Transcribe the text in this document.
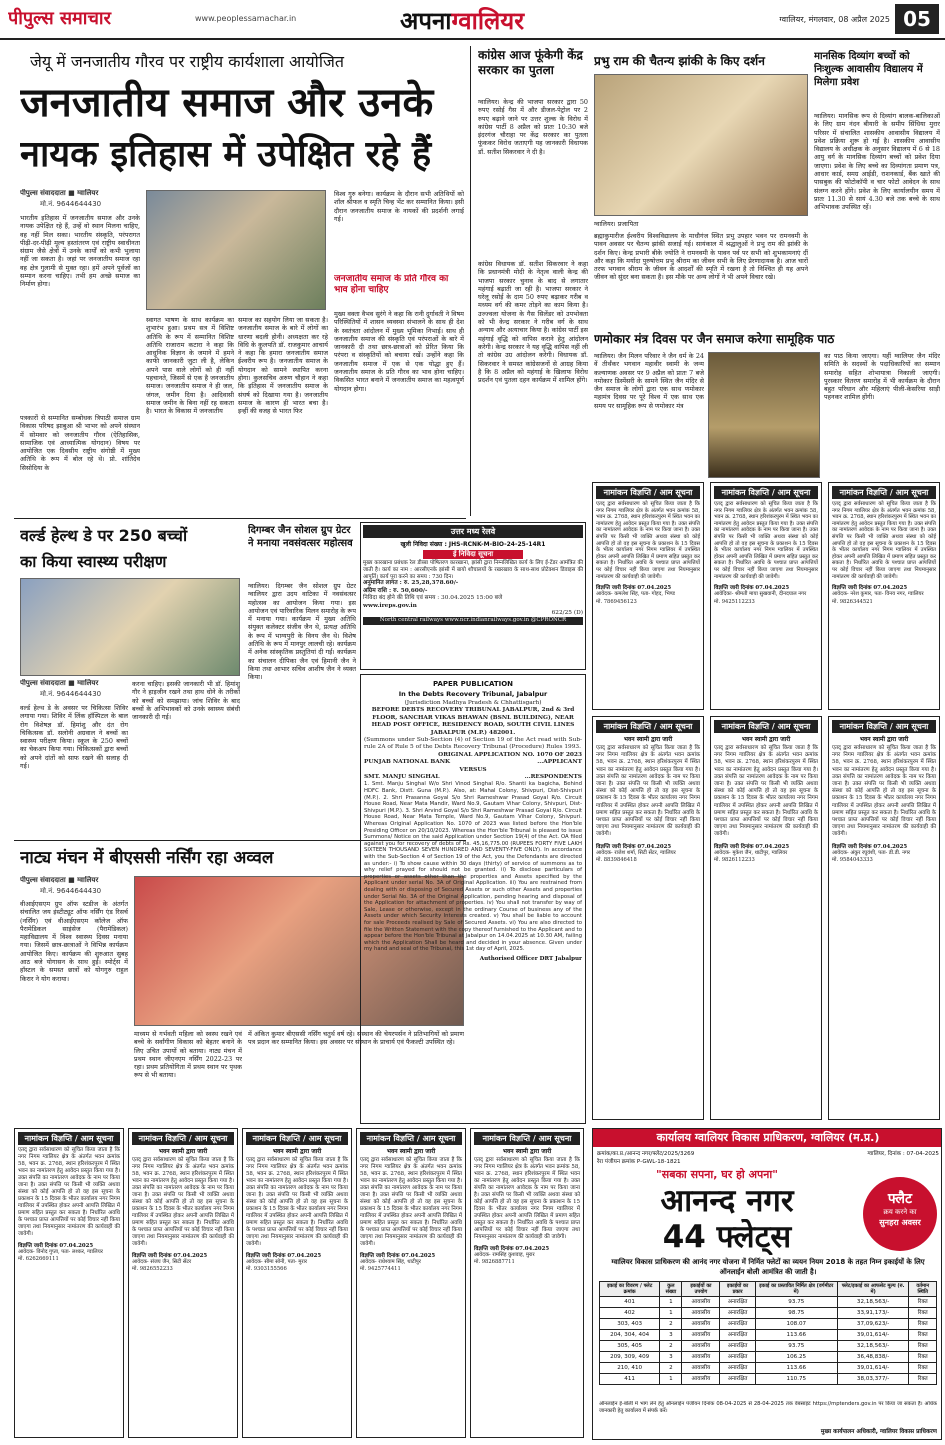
पीपुल्स समाचार	www.peoplessamachar.in	अपनाग्वालियर	ग्वालियर, मंगलवार, 08 अप्रैल 2025 05
जेयू में जनजातीय गौरव पर राष्ट्रीय कार्यशाला आयोजित
जनजातीय समाज और उनके
नायक इतिहास में उपेक्षित रहे हैं
पीपुल्स संवाददाता ■ ग्वालियर
मो.नं. 9644644430
भारतीय इतिहास में जनजातीय समाज और उनके नायक उपेक्षित रहे हैं, उन्हें वो स्थान मिलना चाहिए, वह नहीं मिल सका। भारतीय संस्कृति, परंपरागत पीढ़ी-दर-पीढ़ी मूल्य हस्तांतरण एवं राष्ट्रीय स्वाधीनता संग्राम जैसे क्षेत्रों में उनके कार्यों को कभी भुलाया नहीं जा सकता है। जहां पर जनजातीय समाज रहा वह क्षेत्र गुलामी से मुक्त रहा। हमें अपने पूर्वजों का सम्मान करना चाहिए। तभी हम अच्छे समाज का निर्माण होगा।
पत्रकारों से सम्मानित सम्बोधक त्रिपाठी समाज ग्राम विकास परिषद झाबुआ श्री भाभर को अपने संस्थान में सोमवार को जनजातीय गौरव (ऐतिहासिक, सामाजिक एवं आध्यात्मिक योगदान) विषय पर आयोजित एक दिवसीय राष्ट्रीय संगोष्ठी में मुख्य अतिथि के रूप में बोल रहे थे। प्रो. शांतिदेव सिसोदिया के
स्वागत भाषण के साथ कार्यक्रम का शुभारंभ हुआ। प्रथम सत्र में विशिष्ट अतिथि के रूप में सम्मानित विशिष्ट अतिथि राजाराम कटारा ने कहा कि आधुनिक विज्ञान के जमाने में हमने काफी जानकारी जुटा ली है, लेकिन अपने पास वाले लोगों को ही नहीं पहचानते, जिसमें से एक है जनजातीय समाज। जनजातीय समाज ने ही जल, जंगल, जमीन दिया है। आदिवासी समाज जमीन के बिना नहीं रह सकता है। भारत के विकास में जनजातीय
समाज का सहयोग लिया जा सकता है। जनजातीय समाज के बारे में लोगों का धारणा बदली होनी। अध्यक्षता कर रहे विधि के कुलपति डॉ. राजकुमार आचार्य ने कहा कि हमारा जनजातीय समाज ईश्वरीय रूप है। जनजातीय समाज के योगदान को सामने स्थापित करना होगा। कुलसचिव अरुण चौहान ने कहा कि इतिहास में जनजातीय समाज के संघर्ष को दिखाया गया है। जनजातीय समाज के कारण ही भारत बचा है। इन्हीं की वजह से भारत फिर
विश्व गुरु बनेगा। कार्यक्रम के दौरान सभी अतिथियों को शॉल श्रीफल व स्मृति चिन्ह भेंट कर सम्मानित किया। इसी दौरान जनजातीय समाज के नायकों की प्रदर्शनी लगाई गई।
जनजातीय समाज के प्रति गौरव का भाव होना चाहिए
मुख्य वक्ता वैभव सुरंगे ने कहा कि रानी दुर्गावती ने विषम परिस्थितियों में शासन व्यवस्था संभालने के साथ ही देश के स्वतंत्रता आंदोलन में मुख्य भूमिका निभाई। साथ ही जनजातीय समाज की संस्कृति एवं परंपराओं के बारे में जानकारी दी तथा छात्र-छात्राओं को प्रेरित किया कि परंपरा व संस्कृतियों को बचाया रखें। उन्होंने कहा कि जनजातीय समाज में एक से एक योद्धा हुए हैं। जनजातीय समाज के प्रति गौरव का भाव होना चाहिए। विकसित भारत बनाने में जनजातीय समाज का महत्वपूर्ण योगदान होगा।
कांग्रेस आज फूंकेगी केंद्र सरकार का पुतला
ग्वालियर। केन्द्र की भाजपा सरकार द्वारा 50 रुपए रसोई गैस में और डीजल-पेट्रोल पर 2 रुपए बढ़ाने जाने पर उत्तर शुल्क के विरोध में कांग्रेस पार्टी 8 अप्रैल को प्रातः 10:30 बजे इंदरगंज चौराहा पर केंद्र सरकार का पुतला फूंककर विरोध जताएगी यह जानकारी विधायक डॉ. सतीश सिकरवार ने दी है।
कांग्रेस विधायक डॉ. सतीश सिकरवार ने कहा कि प्रधानमंत्री मोदी के नेतृत्व वाली केन्द्र की भाजपा सरकार चुनाव के बाद से लगातार महंगाई बढ़ाती जा रही है। भाजपा सरकार ने घरेलू रसोई के दाम 50 रुपए बढ़ाकर गरीब व मध्यम वर्ग की कमर तोड़ने का काम किया है। उज्ज्वला योजना के गैस सिलेंडर को उपभोक्ता को भी केन्द्र सरकार ने गरीब वर्ग के साथ अन्याय और अत्याचार किया है। कांग्रेस पार्टी इस महंगाई वृद्धि को वापिस कराने हेतु आंदोलन करेगी। केन्द्र सरकार ने यह वृद्धि वापिस नहीं ली तो कांग्रेस उग्र आंदोलन करेगी। विधायक डॉ. सिकरवार ने समस्त कांग्रेसजनों से आग्रह किया है कि 8 अप्रैल को महंगाई के खिलाफ विरोध प्रदर्शन एवं पुतला दहन कार्यक्रम में शामिल होंगे।
प्रभु राम की चैतन्य झांकी के किए दर्शन
ग्वालियर। प्रजापिता
ब्रह्माकुमारीज ईश्वरीय विश्वविद्यालय के माधौगंज स्थित प्रभु उपहार भवन पर रामनवमी के पावन अवसर पर चैतन्य झांकी सजाई गई। सायंकाल में श्रद्धालुओं ने प्रभु राम की झांकी के दर्शन किए। केन्द्र प्रभारी बीके ज्योति ने रामनवमी के पावन पर्व पर सभी को शुभकामनाएं दीं और कहा कि मर्यादा पुरुषोत्तम प्रभु श्रीराम का जीवन सभी के लिए प्रेरणादायक है। आज चारों तरफ भगवान श्रीराम के जीवन के आदर्शों की स्मृति में रखना है तो निश्चित ही यह अपने जीवन को सुंदर बना सकता है। इस मौके पर अन्य लोगों ने भी अपने विचार रखे।
मानसिक दिव्यांग बच्चों को निःशुल्क आवासीय विद्यालय में मिलेगा प्रवेश
ग्वालियर। मानसिक रूप से दिव्यांग बालक-बालिकाओं के लिए ग्राम नंदन बीयारी के समीप सिंधिया मुरार परिसर में संचालित शासकीय आवासीय विद्यालय में प्रवेश प्रक्रिया शुरू हो गई है। शासकीय आवासीय विद्यालय के अधीक्षक के अनुसार विद्यालय में 6 से 18 आयु वर्ग के मानसिक दिव्यांग बच्चों को प्रवेश दिया जाएगा। प्रवेश के लिए बच्चे का दिव्यांगता प्रमाण पत्र, आधार कार्ड, समग्र आईडी, राशनकार्ड, बैंक खाते की पासबुक की फोटोकॉपी व चार फोटो आवेदन के साथ संलग्न करने होंगे। प्रवेश के लिए कार्यालयीन समय में प्रातः 11.30 से सायं 4.30 बजे तक बच्चे के साथ अभिभावक उपस्थित रहें।
णमोकार मंत्र दिवस पर जैन समाज करेगा सामूहिक पाठ
ग्वालियर। जैन मिलन परिवार ने जैन धर्म के 24 वें तीर्थंकर भगवान महावीर स्वामी के जन्म कल्याणक अवसर पर 9 अप्रैल को प्रातः 7 बजे नमोकार डिस्पेंसरी के सामने स्थित जैन मंदिर से जैन समाज के लोगों द्वारा एक साथ णमोकार महामंत्र दिवस पर पूरे विश्व में एक साथ एक समय पर सामूहिक रूप से णमोकार मंत्र
का पाठ किया जाएगा। यहीं ग्वालियर जैन मंदिर समिति के सदस्यों के पदाधिकारियों का सम्मान समारोह सहित शोभायात्रा निकाली जाएगी। पुरस्कार वितरण समारोह में भी कार्यक्रम के दौरान बहुत परिधान और महिलाएं पीली-केसरिया साड़ी पहनकर शामिल होंगी।
वर्ल्ड हेल्थ डे पर 250 बच्चों
का किया स्वास्थ्य परीक्षण
पीपुल्स संवाददाता ■ ग्वालियर
मो.नं. 9644644430
वर्ल्ड हेल्थ डे के अवसर पर चिकित्सा शिविर लगाया गया। शिविर में लिंक हॉस्पिटल के बाल रोग विशेषज्ञ डॉ. हिमांशु और दंत रोग चिकित्सक डॉ. सलोनी अग्रवाल ने बच्चों का स्वास्थ्य परीक्षण किया। स्कूल के 250 बच्चों का चेकअप किया गया। चिकित्सकों द्वारा बच्चों को अपने दांतों को साफ रखने की सलाह दी गई।
करना चाहिए। इसकी जानकारी भी डॉ. हिमांशु गौर ने हाइजीन रखने तथा हाथ धोने के तरीकों को बच्चों को समझाया। जांच शिविर के बाद बच्चों के अभिभावकों को उनके स्वास्थ्य संबंधी जानकारी दी गई।
दिगम्बर जैन सोशल ग्रुप ग्रेटर ने मनाया नवसंवत्सर महोत्सव
ग्वालियर। दिगम्बर जैन सोशल ग्रुप ग्रेटर ग्वालियर द्वारा उदय वाटिका में नवसंवत्सर महोत्सव का आयोजन किया गया। इस आयोजन एवं पारिवारिक मिलन समारोह के रूप में मनाया गया। कार्यक्रम में मुख्य अतिथि संयुक्त कलेक्टर संजीव जैन थे, प्रत्यक्ष अतिथि के रूप में भाग्यपुरी के विनय जैन थे। विशेष अतिथि के रूप में मानपुर लालची रहे। कार्यक्रम में अनेक सांस्कृतिक प्रस्तुतियां दी गईं। कार्यक्रम का संचालन दीपिका जैन एवं हिमानी जैन ने किया तथा आभार सचिव आशीष जैन ने व्यक्त किया।
नाट्य मंचन में बीएससी नर्सिंग रहा अव्वल
पीपुल्स संवाददाता ■ ग्वालियर
मो.नं. 9644644430
वीआईएसएम ग्रुप ऑफ स्टडीज के अंतर्गत संचालित जय इंस्टीट्यूट ऑफ नर्सिंग एंड रिसर्च (नर्सिंग) एवं वीआईएसएम कॉलेज ऑफ पैरामेडिकल साइंसेज (पैरामेडिकल) महाविद्यालय में विश्व स्वास्थ्य दिवस मनाया गया। जिसमें छात्र-छात्राओं ने विभिन्न कार्यक्रम आयोजित किए। कार्यक्रम की शुरुआत सुबह आठ बजे योगासन के साथ हुई। स्पोर्ट्स में हॉस्टल के समस्त छात्रों को योगगुरु राहुल किरार ने योग कराया।
माध्यम से गर्भवती महिला को स्वस्थ रखने एवं बच्चे के सर्वांगीण विकास को बेहतर बनाने के लिए उचित उपायों को बताया। नाट्य मंचन में प्रथम स्थान जीएनएम नर्सिंग 2022-23 पर रहा। प्रथम प्रतियोगिता में प्रथम स्थान पर पृथक रूप से भी बताया।
में अंकित कुमार बीएससी नर्सिंग चतुर्थ वर्ष रहे। संस्थान की चेयरपर्सन ने प्रतिभागियों को प्रमाण पत्र प्रदान कर सम्मानित किया। इस अवसर पर संस्थान के प्राचार्य एवं फैकल्टी उपस्थित रहे।
उत्तर मध्य रेलवे
खुली निविदा संख्या : JHS-RCNK-M-BIO-24-25-14R1
ई निविदा सूचना
मुख्य कारखाना प्रबंधक रेल डीब्बा पोषितरण कारखाना, झांसी द्वारा निम्नलिखित कार्य के लिए ई-टेंडर आमंत्रित की जाती है। कार्य का नाम : आरसीएनके झांसी में बायो शौचालयों के रखरखाव के साथ-साथ प्रोटेक्शन डिवाइस की आपूर्ति। कार्य पूरा करने का समय : 730 दिन।
अनुमानित लागत : रु. 25,28,378.60/-
अग्रिम राशि : रु. 50,600/-
निविदा बंद होने की तिथि एवं समय : 30.04.2025 15:00 बजे
www.ireps.gov.in
622/25 (D)
North central railways www.ncr.indianrailways.gov.in @CPRONCR
PAPER PUBLICATION
In the Debts Recovery Tribunal, Jabalpur
(Jurisdiction Madhya Pradesh & Chhattisgarh)
BEFORE DEBTS RECOVERY TRIBUNAL JABALPUR, 2nd & 3rd FLOOR, SANCHAR VIKAS BHAWAN (BSNL BUILDING), NEAR HEAD POST OFFICE, RESIDENCY ROAD, SOUTH CIVIL LINES JABALPUR (M.P.) 482001.
(Summons under Sub-Section (4) of Section 19 of the Act read with Sub-rule 2A of Rule 5 of the Debts Recovery Tribunal (Procedure) Rules 1993.
ORIGINAL APPLICATION NO. 1070 OF 2023
PUNJAB NATIONAL BANK	...APPLICANT
VERSUS
SMT. MANJU SINGHAL	...RESPONDENTS
1. Smt. Manju Singhal W/o Shri Vinod Singhal R/o. Shanti ka bagicha, Behind HDFC Bank, Distt. Guna (M.P.). Also, at: Mahal Colony, Shivpuri, Dist-Shivpuri (M.P.). 2. Shri Prasanna Goyal S/o Shri Rameshwar Prasad Goyal R/o. Circuit House Road, Near Mata Mandir, Ward No.9, Gautam Vihar Colony, Shivpuri, Dist-Shivpuri (M.P.). 3. Shri Arvind Goyal S/o Shri Rameshwar Prasad Goyal R/o. Circuit House Road, Near Mata Temple, Ward No.9, Gautam Vihar Colony, Shivpuri. Whereas Original Application No. 1070 of 2023 was listed before the Hon'ble Presiding Officer on 20/10/2023. Whereas the Hon'ble Tribunal is pleased to issue Summons/ Notice on the said Application under Section 19(4) of the Act. OA filed against you for recovery of debts of Rs. 45,16,775.00 (RUPEES FORTY FIVE LAKH SIXTEEN THOUSAND SEVEN HUNDRED AND SEVENTY-FIVE ONLY). In accordance with the Sub-Section 4 of Section 19 of the Act, you the Defendants are directed as under:- i) To show cause within 30 days (thirty) of service of summons as to why relief prayed for should not be granted. ii) To disclose particulars of properties or assets other than the properties and Assets specified by the Applicant under serial No. 3A of Original Application. iii) You are restrained from dealing with or disposing of Secured Assets or such other Assets and properties under Serial No. 3A of the Original Application, pending hearing and disposal of the Application for attachment of properties. iv) You shall not transfer by way of Sale, Lease or otherwise, except in the ordinary Course of business any of the Assets under which Security Interests created. v) You shall be liable to account for sale Proceeds realised by Sale of Secured Assets. vi) You are also directed to file the Written Statement with the copy thereof furnished to the Applicant and to appear before the Hon'ble Tribunal at Jabalpur on 14.04.2025 at 10.30 AM, failing which the Application Shall be heard and decided in your absence. Given under my hand and seal of the Tribunal, this 1st day of April, 2025.
Authorised Officer DRT Jabalpur
नामांकन विज्ञप्ति / आम सूचना
एतद् द्वारा सर्वसाधारण को सूचित किया जाता है कि नगर निगम ग्वालियर क्षेत्र के अंतर्गत भवन क्रमांक 58, भवन क्र. 2768, स्थान हरिशंकरपुरम में स्थित भवन का नामांतरण हेतु आवेदन प्रस्तुत किया गया है। उक्त संपत्ति का नामांतरण आवेदक के नाम पर किया जाना है। उक्त संपत्ति पर किसी भी व्यक्ति अथवा संस्था को कोई आपत्ति हो तो वह इस सूचना के प्रकाशन के 15 दिवस के भीतर कार्यालय नगर निगम ग्वालियर में उपस्थित होकर अपनी आपत्ति लिखित में प्रमाण सहित प्रस्तुत कर सकता है। निर्धारित अवधि के पश्चात प्राप्त आपत्तियों पर कोई विचार नहीं किया जाएगा तथा नियमानुसार नामांतरण की कार्यवाही की जावेगी।
विज्ञप्ति जारी दिनांक 07.04.2025
आवेदक- कमलेश सिंह, पता- गोहद, भिण्ड
मो. 7869456123
नामांकन विज्ञप्ति / आम सूचना
एतद् द्वारा सर्वसाधारण को सूचित किया जाता है कि नगर निगम ग्वालियर क्षेत्र के अंतर्गत भवन क्रमांक 58, भवन क्र. 2768, स्थान हरिशंकरपुरम में स्थित भवन का नामांतरण हेतु आवेदन प्रस्तुत किया गया है। उक्त संपत्ति का नामांतरण आवेदक के नाम पर किया जाना है। उक्त संपत्ति पर किसी भी व्यक्ति अथवा संस्था को कोई आपत्ति हो तो वह इस सूचना के प्रकाशन के 15 दिवस के भीतर कार्यालय नगर निगम ग्वालियर में उपस्थित होकर अपनी आपत्ति लिखित में प्रमाण सहित प्रस्तुत कर सकता है। निर्धारित अवधि के पश्चात प्राप्त आपत्तियों पर कोई विचार नहीं किया जाएगा तथा नियमानुसार नामांतरण की कार्यवाही की जावेगी।
विज्ञप्ति जारी दिनांक 07.04.2025
आवेदिका- श्रीमती माया सुखवानी, दीनदयाल नगर
मो. 9425112233
नामांकन विज्ञप्ति / आम सूचना
एतद् द्वारा सर्वसाधारण को सूचित किया जाता है कि नगर निगम ग्वालियर क्षेत्र के अंतर्गत भवन क्रमांक 58, भवन क्र. 2768, स्थान हरिशंकरपुरम में स्थित भवन का नामांतरण हेतु आवेदन प्रस्तुत किया गया है। उक्त संपत्ति का नामांतरण आवेदक के नाम पर किया जाना है। उक्त संपत्ति पर किसी भी व्यक्ति अथवा संस्था को कोई आपत्ति हो तो वह इस सूचना के प्रकाशन के 15 दिवस के भीतर कार्यालय नगर निगम ग्वालियर में उपस्थित होकर अपनी आपत्ति लिखित में प्रमाण सहित प्रस्तुत कर सकता है। निर्धारित अवधि के पश्चात प्राप्त आपत्तियों पर कोई विचार नहीं किया जाएगा तथा नियमानुसार नामांतरण की कार्यवाही की जावेगी।
विज्ञप्ति जारी दिनांक 07.04.2025
आवेदक- नरेश कुमार, पता- विनय नगर, ग्वालियर
मो. 9826344521
नामांकन विज्ञप्ति / आम सूचना
भवन स्वामी द्वारा जारी
एतद् द्वारा सर्वसाधारण को सूचित किया जाता है कि नगर निगम ग्वालियर क्षेत्र के अंतर्गत भवन क्रमांक 58, भवन क्र. 2768, स्थान हरिशंकरपुरम में स्थित भवन का नामांतरण हेतु आवेदन प्रस्तुत किया गया है। उक्त संपत्ति का नामांतरण आवेदक के नाम पर किया जाना है। उक्त संपत्ति पर किसी भी व्यक्ति अथवा संस्था को कोई आपत्ति हो तो वह इस सूचना के प्रकाशन के 15 दिवस के भीतर कार्यालय नगर निगम ग्वालियर में उपस्थित होकर अपनी आपत्ति लिखित में प्रमाण सहित प्रस्तुत कर सकता है। निर्धारित अवधि के पश्चात प्राप्त आपत्तियों पर कोई विचार नहीं किया जाएगा तथा नियमानुसार नामांतरण की कार्यवाही की जावेगी।
विज्ञप्ति जारी दिनांक 07.04.2025
आवेदक- राजेश शर्मा, सिटी सेंटर, ग्वालियर
मो. 8839846418
नामांकन विज्ञप्ति / आम सूचना
भवन स्वामी द्वारा जारी
एतद् द्वारा सर्वसाधारण को सूचित किया जाता है कि नगर निगम ग्वालियर क्षेत्र के अंतर्गत भवन क्रमांक 58, भवन क्र. 2768, स्थान हरिशंकरपुरम में स्थित भवन का नामांतरण हेतु आवेदन प्रस्तुत किया गया है। उक्त संपत्ति का नामांतरण आवेदक के नाम पर किया जाना है। उक्त संपत्ति पर किसी भी व्यक्ति अथवा संस्था को कोई आपत्ति हो तो वह इस सूचना के प्रकाशन के 15 दिवस के भीतर कार्यालय नगर निगम ग्वालियर में उपस्थित होकर अपनी आपत्ति लिखित में प्रमाण सहित प्रस्तुत कर सकता है। निर्धारित अवधि के पश्चात प्राप्त आपत्तियों पर कोई विचार नहीं किया जाएगा तथा नियमानुसार नामांतरण की कार्यवाही की जावेगी।
विज्ञप्ति जारी दिनांक 07.04.2025
आवेदक- मुकेश जैन, थाटीपुर, ग्वालियर
मो. 9826112233
नामांकन विज्ञप्ति / आम सूचना
भवन स्वामी द्वारा जारी
एतद् द्वारा सर्वसाधारण को सूचित किया जाता है कि नगर निगम ग्वालियर क्षेत्र के अंतर्गत भवन क्रमांक 58, भवन क्र. 2768, स्थान हरिशंकरपुरम में स्थित भवन का नामांतरण हेतु आवेदन प्रस्तुत किया गया है। उक्त संपत्ति का नामांतरण आवेदक के नाम पर किया जाना है। उक्त संपत्ति पर किसी भी व्यक्ति अथवा संस्था को कोई आपत्ति हो तो वह इस सूचना के प्रकाशन के 15 दिवस के भीतर कार्यालय नगर निगम ग्वालियर में उपस्थित होकर अपनी आपत्ति लिखित में प्रमाण सहित प्रस्तुत कर सकता है। निर्धारित अवधि के पश्चात प्राप्त आपत्तियों पर कोई विचार नहीं किया जाएगा तथा नियमानुसार नामांतरण की कार्यवाही की जावेगी।
विज्ञप्ति जारी दिनांक 07.04.2025
आवेदक- अंकुर रघुवंशी, पता- डी.डी. नगर
मो. 9584043333
नामांकन विज्ञप्ति / आम सूचना
एतद् द्वारा सर्वसाधारण को सूचित किया जाता है कि नगर निगम ग्वालियर क्षेत्र के अंतर्गत भवन क्रमांक 58, भवन क्र. 2768, स्थान हरिशंकरपुरम में स्थित भवन का नामांतरण हेतु आवेदन प्रस्तुत किया गया है। उक्त संपत्ति का नामांतरण आवेदक के नाम पर किया जाना है। उक्त संपत्ति पर किसी भी व्यक्ति अथवा संस्था को कोई आपत्ति हो तो वह इस सूचना के प्रकाशन के 15 दिवस के भीतर कार्यालय नगर निगम ग्वालियर में उपस्थित होकर अपनी आपत्ति लिखित में प्रमाण सहित प्रस्तुत कर सकता है। निर्धारित अवधि के पश्चात प्राप्त आपत्तियों पर कोई विचार नहीं किया जाएगा तथा नियमानुसार नामांतरण की कार्यवाही की जावेगी।
विज्ञप्ति जारी दिनांक 07.04.2025
आवेदक- विनोद गुप्ता, पता- लश्कर, ग्वालियर
मो. 6262669111
नामांकन विज्ञप्ति / आम सूचना
भवन स्वामी द्वारा जारी
एतद् द्वारा सर्वसाधारण को सूचित किया जाता है कि नगर निगम ग्वालियर क्षेत्र के अंतर्गत भवन क्रमांक 58, भवन क्र. 2768, स्थान हरिशंकरपुरम में स्थित भवन का नामांतरण हेतु आवेदन प्रस्तुत किया गया है। उक्त संपत्ति का नामांतरण आवेदक के नाम पर किया जाना है। उक्त संपत्ति पर किसी भी व्यक्ति अथवा संस्था को कोई आपत्ति हो तो वह इस सूचना के प्रकाशन के 15 दिवस के भीतर कार्यालय नगर निगम ग्वालियर में उपस्थित होकर अपनी आपत्ति लिखित में प्रमाण सहित प्रस्तुत कर सकता है। निर्धारित अवधि के पश्चात प्राप्त आपत्तियों पर कोई विचार नहीं किया जाएगा तथा नियमानुसार नामांतरण की कार्यवाही की जावेगी।
विज्ञप्ति जारी दिनांक 07.04.2025
आवेदक- संजय जैन, सिटी सेंटर
मो. 9826552233
नामांकन विज्ञप्ति / आम सूचना
भवन स्वामी द्वारा जारी
एतद् द्वारा सर्वसाधारण को सूचित किया जाता है कि नगर निगम ग्वालियर क्षेत्र के अंतर्गत भवन क्रमांक 58, भवन क्र. 2768, स्थान हरिशंकरपुरम में स्थित भवन का नामांतरण हेतु आवेदन प्रस्तुत किया गया है। उक्त संपत्ति का नामांतरण आवेदक के नाम पर किया जाना है। उक्त संपत्ति पर किसी भी व्यक्ति अथवा संस्था को कोई आपत्ति हो तो वह इस सूचना के प्रकाशन के 15 दिवस के भीतर कार्यालय नगर निगम ग्वालियर में उपस्थित होकर अपनी आपत्ति लिखित में प्रमाण सहित प्रस्तुत कर सकता है। निर्धारित अवधि के पश्चात प्राप्त आपत्तियों पर कोई विचार नहीं किया जाएगा तथा नियमानुसार नामांतरण की कार्यवाही की जावेगी।
विज्ञप्ति जारी दिनांक 07.04.2025
आवेदक- सीमा सोनी, पता- मुरार
मो. 9303155566
नामांकन विज्ञप्ति / आम सूचना
भवन स्वामी द्वारा जारी
एतद् द्वारा सर्वसाधारण को सूचित किया जाता है कि नगर निगम ग्वालियर क्षेत्र के अंतर्गत भवन क्रमांक 58, भवन क्र. 2768, स्थान हरिशंकरपुरम में स्थित भवन का नामांतरण हेतु आवेदन प्रस्तुत किया गया है। उक्त संपत्ति का नामांतरण आवेदक के नाम पर किया जाना है। उक्त संपत्ति पर किसी भी व्यक्ति अथवा संस्था को कोई आपत्ति हो तो वह इस सूचना के प्रकाशन के 15 दिवस के भीतर कार्यालय नगर निगम ग्वालियर में उपस्थित होकर अपनी आपत्ति लिखित में प्रमाण सहित प्रस्तुत कर सकता है। निर्धारित अवधि के पश्चात प्राप्त आपत्तियों पर कोई विचार नहीं किया जाएगा तथा नियमानुसार नामांतरण की कार्यवाही की जावेगी।
विज्ञप्ति जारी दिनांक 07.04.2025
आवेदक- राधेश्याम सिंह, थाटीपुर
मो. 9425774411
नामांकन विज्ञप्ति / आम सूचना
भवन स्वामी द्वारा जारी
एतद् द्वारा सर्वसाधारण को सूचित किया जाता है कि नगर निगम ग्वालियर क्षेत्र के अंतर्गत भवन क्रमांक 58, भवन क्र. 2768, स्थान हरिशंकरपुरम में स्थित भवन का नामांतरण हेतु आवेदन प्रस्तुत किया गया है। उक्त संपत्ति का नामांतरण आवेदक के नाम पर किया जाना है। उक्त संपत्ति पर किसी भी व्यक्ति अथवा संस्था को कोई आपत्ति हो तो वह इस सूचना के प्रकाशन के 15 दिवस के भीतर कार्यालय नगर निगम ग्वालियर में उपस्थित होकर अपनी आपत्ति लिखित में प्रमाण सहित प्रस्तुत कर सकता है। निर्धारित अवधि के पश्चात प्राप्त आपत्तियों पर कोई विचार नहीं किया जाएगा तथा नियमानुसार नामांतरण की कार्यवाही की जावेगी।
विज्ञप्ति जारी दिनांक 07.04.2025
आवेदक- रामसिंह कुशवाह, मुरार
मो. 9826887711
कार्यालय ग्वालियर विकास प्राधिकरण, ग्वालियर (म.प्र.)
क्रमांक/का.प्र./आनन्द नगर/फ्लेट/2025/3269
रेरा पंजीयन क्रमांक P-GWL-18-1821
ग्वालियर, दिनांक : 07-04-2025
"सबका सपना, घर हो अपना"
आनन्द नगर
44 फ्लेट्स
फ्लैट
क्रय करने का
सुनहरा अवसर
ग्वालियर विकास प्राधिकरण की आनंद नगर योजना में निर्मित फ्लेटों का व्ययन नियम 2018 के तहत निम्न इकाईयों के लिए ऑनलाईन बोली आमंत्रित की जाती है।
इकाई का विवरण / फ्लेट क्रमांक	कुल संख्या	इकाईयों का उपयोग	इकाईयों का प्रकार	इकाई का प्रस्तावित निर्मित क्षेत्र (वर्गमीटर में)	फ्लेट/इकाई का आफसेट मूल्य (रु. में)	वर्तमान स्थिति
401	1	आवासीय	अनारक्षित	93.75	32,18,563/-	रिक्त
402	1	आवासीय	अनारक्षित	98.75	33,91,173/-	रिक्त
303, 403	2	आवासीय	अनारक्षित	108.07	37,09,623/-	रिक्त
204, 304, 404	3	आवासीय	अनारक्षित	113.66	39,01,614/-	रिक्त
305, 405	2	आवासीय	अनारक्षित	93.75	32,18,563/-	रिक्त
209, 309, 409	3	आवासीय	अनारक्षित	106.25	36,48,838/-	रिक्त
210, 410	2	आवासीय	अनारक्षित	113.66	39,01,614/-	रिक्त
411	1	आवासीय	अनारक्षित	110.75	38,03,377/-	रिक्त
ऑनलाईन ई-बोली में भाग लेने हेतु ऑनलाईन पंजीयन दिनांक 08-04-2025 से 28-04-2025 तक वेबसाइट https://mptenders.gov.in पर किया जा सकता है। अधिक जानकारी हेतु कार्यालय में संपर्क करें।
मुख्य कार्यपालन अधिकारी, ग्वालियर विकास प्राधिकरण
